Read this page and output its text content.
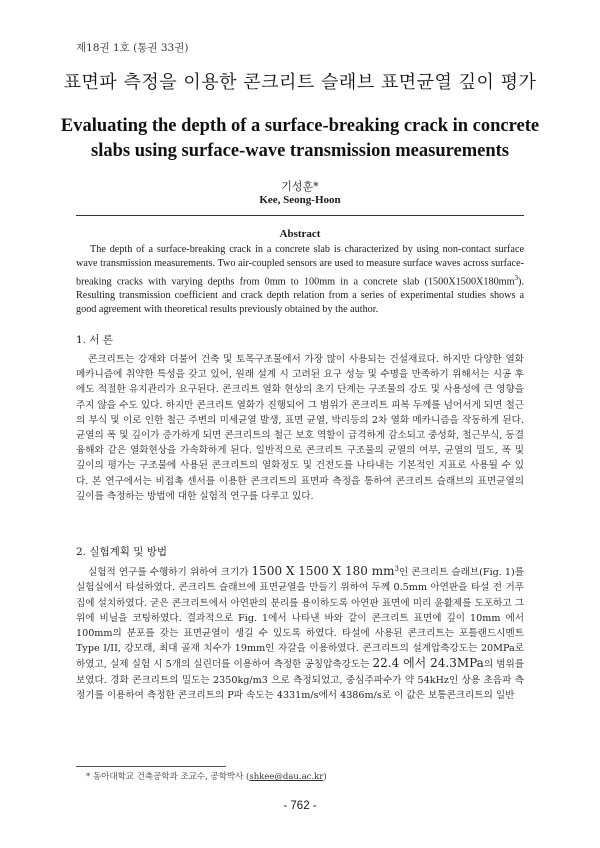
제18권 1호 (통권 33권)
표면파 측정을 이용한 콘크리트 슬래브 표면균열 깊이 평가
Evaluating the depth of a surface-breaking crack in concrete slabs using surface-wave transmission measurements
기성훈*
Kee, Seong-Hoon
Abstract
The depth of a surface-breaking crack in a concrete slab is characterized by using non-contact surface wave transmission measurements. Two air-coupled sensors are used to measure surface waves across surface-breaking cracks with varying depths from 0mm to 100mm in a concrete slab $(1500X1500X180mm^3)$. Resulting transmission coefficient and crack depth relation from a series of experimental studies shows a good agreement with theoretical results previously obtained by the author.
1. 서 론
콘크리트는 강재와 더불어 건축 및 토목구조물에서 가장 많이 사용되는 건설재료다. 하지만 다양한 열화 메카니즘에 취약한 특성을 갖고 있어, 원래 설계 시 고려된 요구 성능 및 수명을 만족하기 위해서는 시공 후에도 적절한 유지관리가 요구된다. 콘크리트 열화 현상의 초기 단계는 구조물의 강도 및 사용성에 큰 영향을 주지 않을 수도 있다. 하지만 콘크리트 열화가 진행되어 그 범위가 콘크리트 피복 두께를 넘어서게 되면 철근의 부식 및 이로 인한 철근 주변의 미세균열 발생, 표면 균열, 박리등의 2차 열화 메카니즘을 작동하게 된다. 균열의 폭 및 깊이가 증가하게 되면 콘크리트의 철근 보호 역할이 급격하게 감소되고 중성화, 철근부식, 동결융해와 같은 열화현상을 가속화하게 된다. 일반적으로 콘크리트 구조물의 균열의 여부, 균열의 밀도, 폭 및 깊이의 평가는 구조물에 사용된 콘크리트의 열화정도 및 건전도를 나타내는 기본적인 지표로 사용될 수 있다. 본 연구에서는 비접촉 센서를 이용한 콘크리트의 표면파 측정을 통하여 콘크리트 슬래브의 표면균열의 깊이를 측정하는 방법에 대한 실험적 연구를 다루고 있다.
2. 실험계획 및 방법
실험적 연구를 수행하기 위하여 크기가 1500 X 1500 X 180 $mm^3$인 콘크리트 슬래브(Fig. 1)를 실험실에서 타설하였다. 콘크리트 슬래브에 표면균열을 만들기 위하여 두께 0.5mm 아연판을 타설 전 거푸집에 설치하였다. 굳은 콘크리트에서 아연판의 분리를 용이하도록 아연판 표면에 미리 윤활제를 도포하고 그 위에 비닐을 코팅하였다. 결과적으로 Fig. 1에서 나타낸 바와 같이 콘크리트 표면에 깊이 10mm 에서 100mm의 분포를 갖는 표면균열이 생길 수 있도록 하였다. 타설에 사용된 콘크리트는 포틀랜드시멘트 Type I/II, 강모래, 최대 골재 치수가 19mm인 자갈을 이용하였다. 콘크리트의 설계압축강도는 20MPa로 하였고, 실제 실험 시 5개의 실린더를 이용하여 측정한 공칭압축강도는 22.4 에서 24.3MPa의 범위를 보였다. 경화 콘크리트의 밀도는 2350kg/m3 으로 측정되었고, 중심주파수가 약 54kHz인 상용 초음파 측정기를 이용하여 측정한 콘크리트의 P파 속도는 4331m/s에서 4386m/s로 이 값은 보통콘크리트의 일반
* 동아대학교 건축공학과 조교수, 공학박사 (shkee@dau.ac.kr)
- 762 -
